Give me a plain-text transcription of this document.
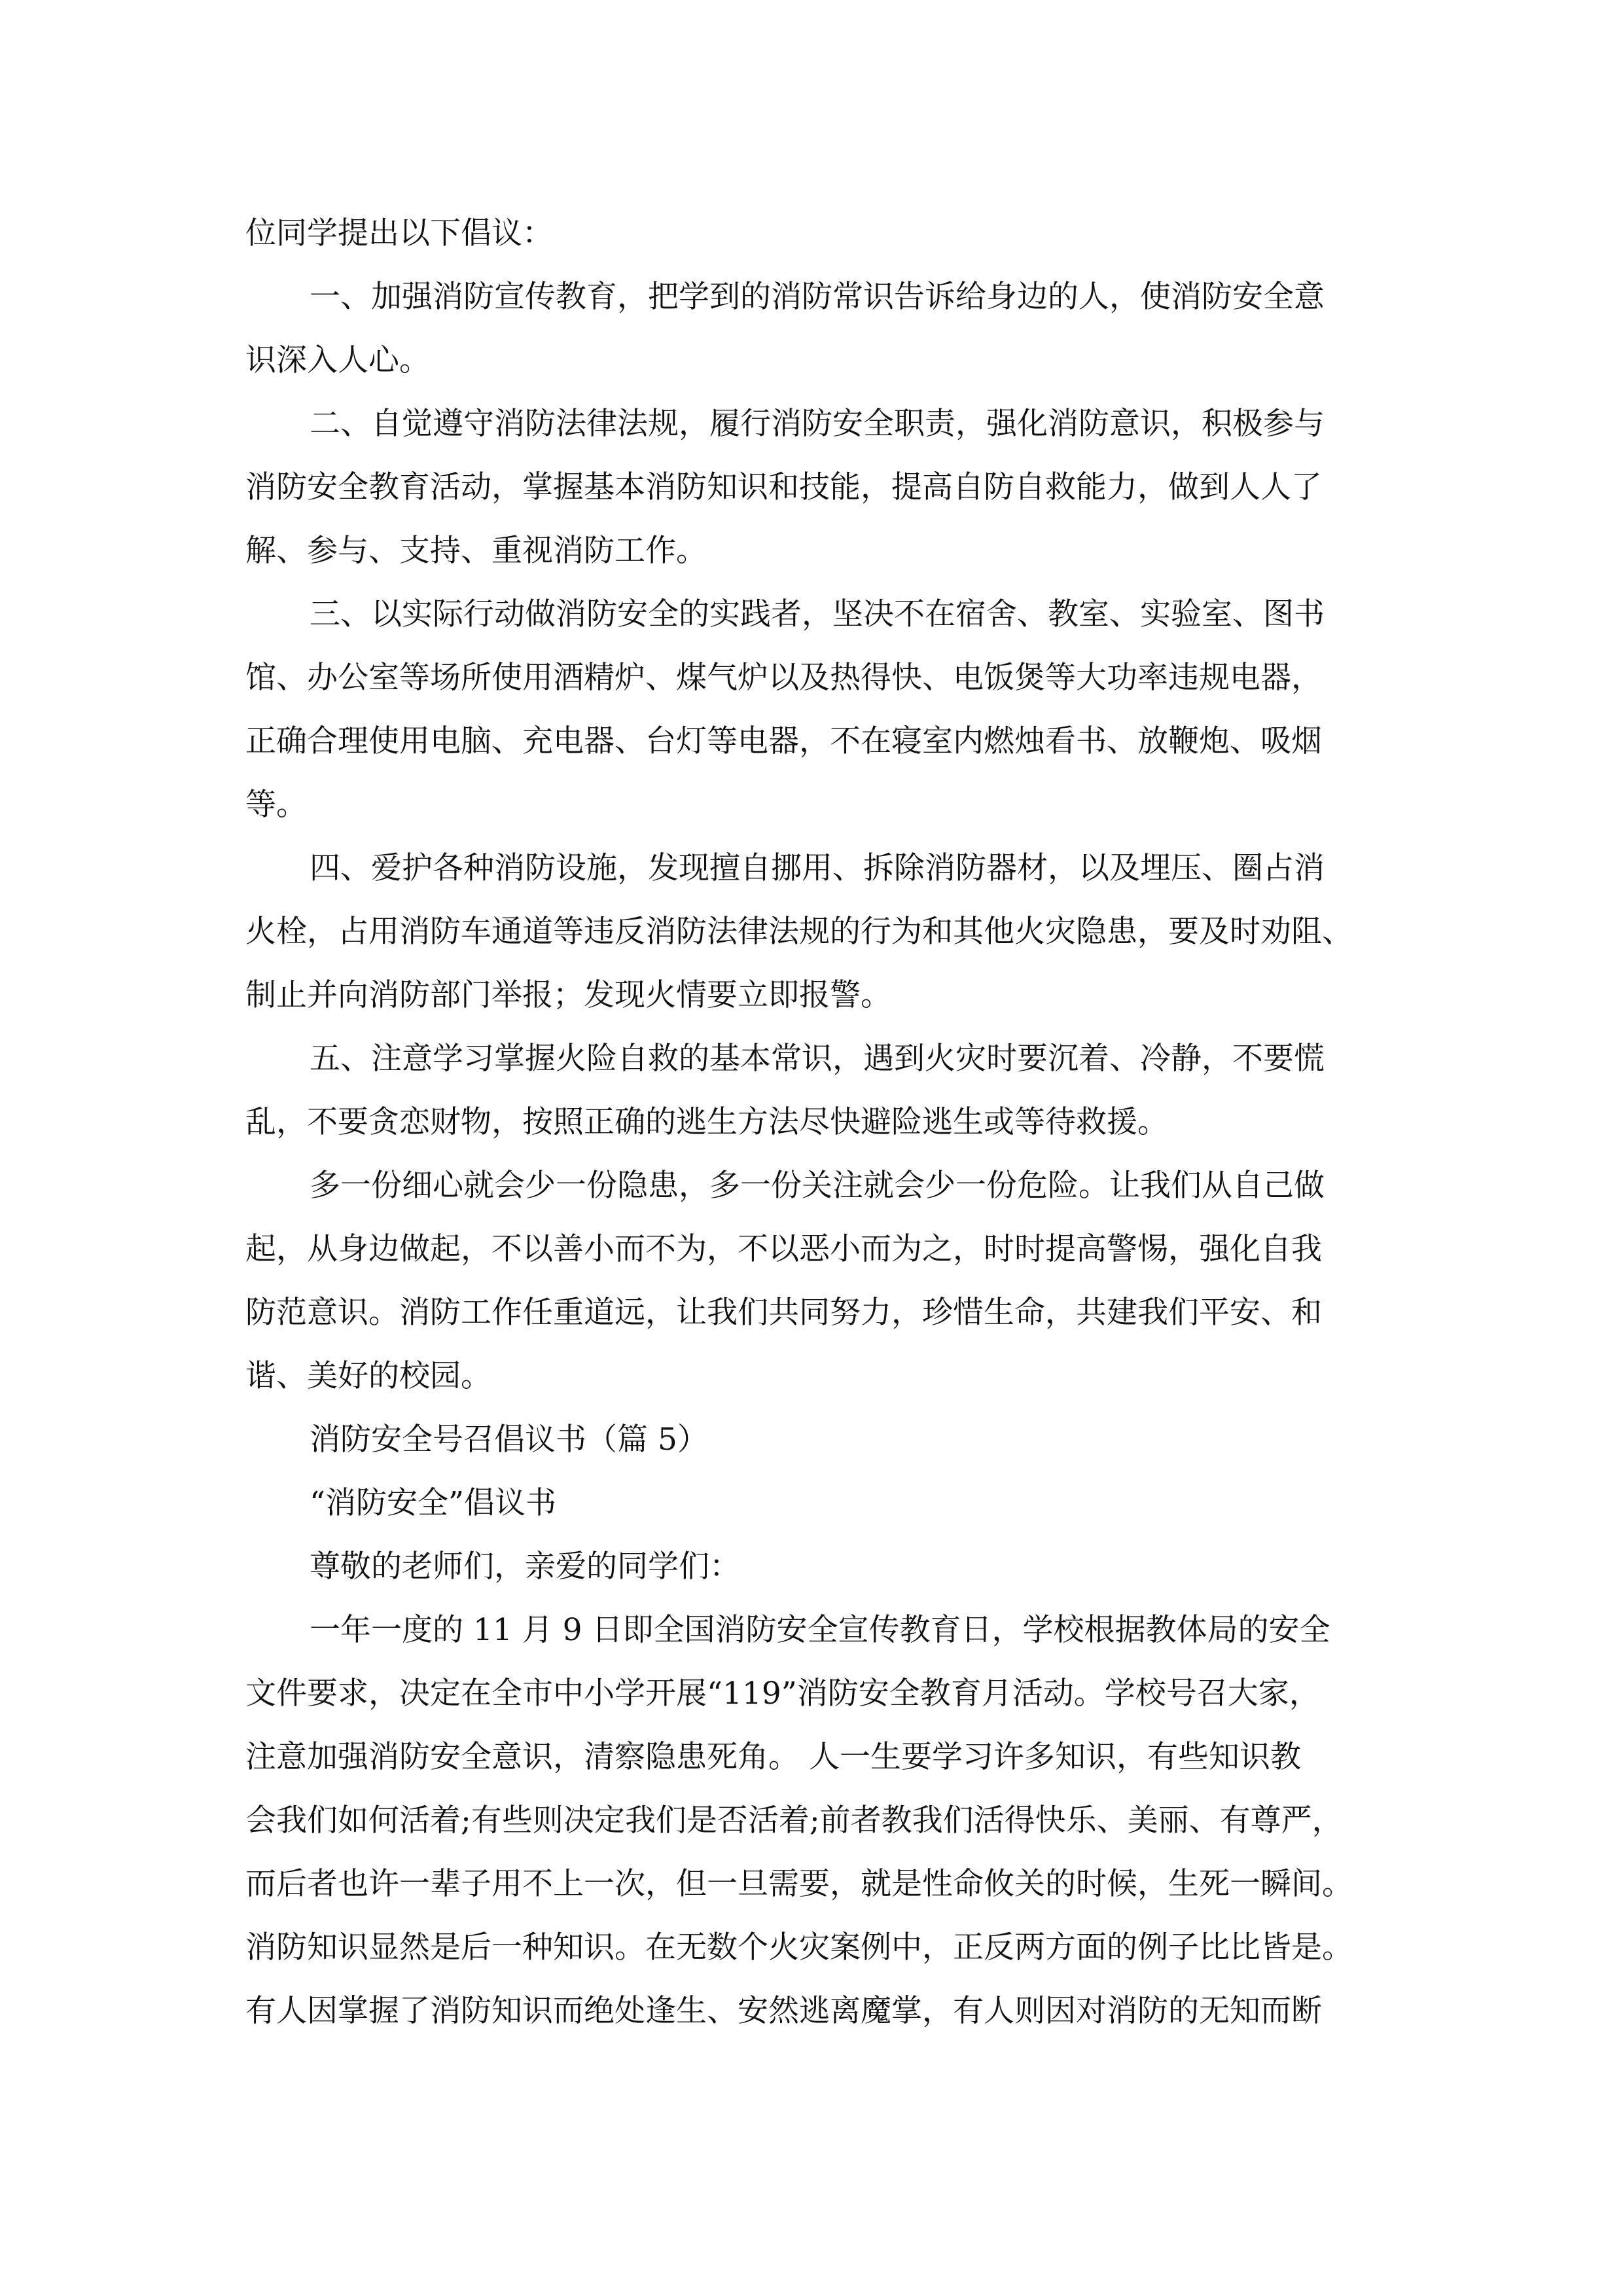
位同学提出以下倡议：
一、加强消防宣传教育，把学到的消防常识告诉给身边的人，使消防安全意
识深入人心。
二、自觉遵守消防法律法规，履行消防安全职责，强化消防意识，积极参与
消防安全教育活动，掌握基本消防知识和技能，提高自防自救能力，做到人人了
解、参与、支持、重视消防工作。
三、以实际行动做消防安全的实践者，坚决不在宿舍、教室、实验室、图书
馆、办公室等场所使用酒精炉、煤气炉以及热得快、电饭煲等大功率违规电器，
正确合理使用电脑、充电器、台灯等电器，不在寝室内燃烛看书、放鞭炮、吸烟
等。
四、爱护各种消防设施，发现擅自挪用、拆除消防器材，以及埋压、圈占消
火栓，占用消防车通道等违反消防法律法规的行为和其他火灾隐患，要及时劝阻、
制止并向消防部门举报；发现火情要立即报警。
五、注意学习掌握火险自救的基本常识，遇到火灾时要沉着、冷静，不要慌
乱，不要贪恋财物，按照正确的逃生方法尽快避险逃生或等待救援。
多一份细心就会少一份隐患，多一份关注就会少一份危险。让我们从自己做
起，从身边做起，不以善小而不为，不以恶小而为之，时时提高警惕，强化自我
防范意识。消防工作任重道远，让我们共同努力，珍惜生命，共建我们平安、和
谐、美好的校园。
消防安全号召倡议书（篇 5）
“消防安全”倡议书
尊敬的老师们，亲爱的同学们：
一年一度的 11 月 9 日即全国消防安全宣传教育日，学校根据教体局的安全
文件要求，决定在全市中小学开展“119”消防安全教育月活动。学校号召大家，
注意加强消防安全意识，清察隐患死角。 人一生要学习许多知识，有些知识教
会我们如何活着;有些则决定我们是否活着;前者教我们活得快乐、美丽、有尊严，
而后者也许一辈子用不上一次，但一旦需要，就是性命攸关的时候，生死一瞬间。
消防知识显然是后一种知识。在无数个火灾案例中，正反两方面的例子比比皆是。
有人因掌握了消防知识而绝处逢生、安然逃离魔掌，有人则因对消防的无知而断
